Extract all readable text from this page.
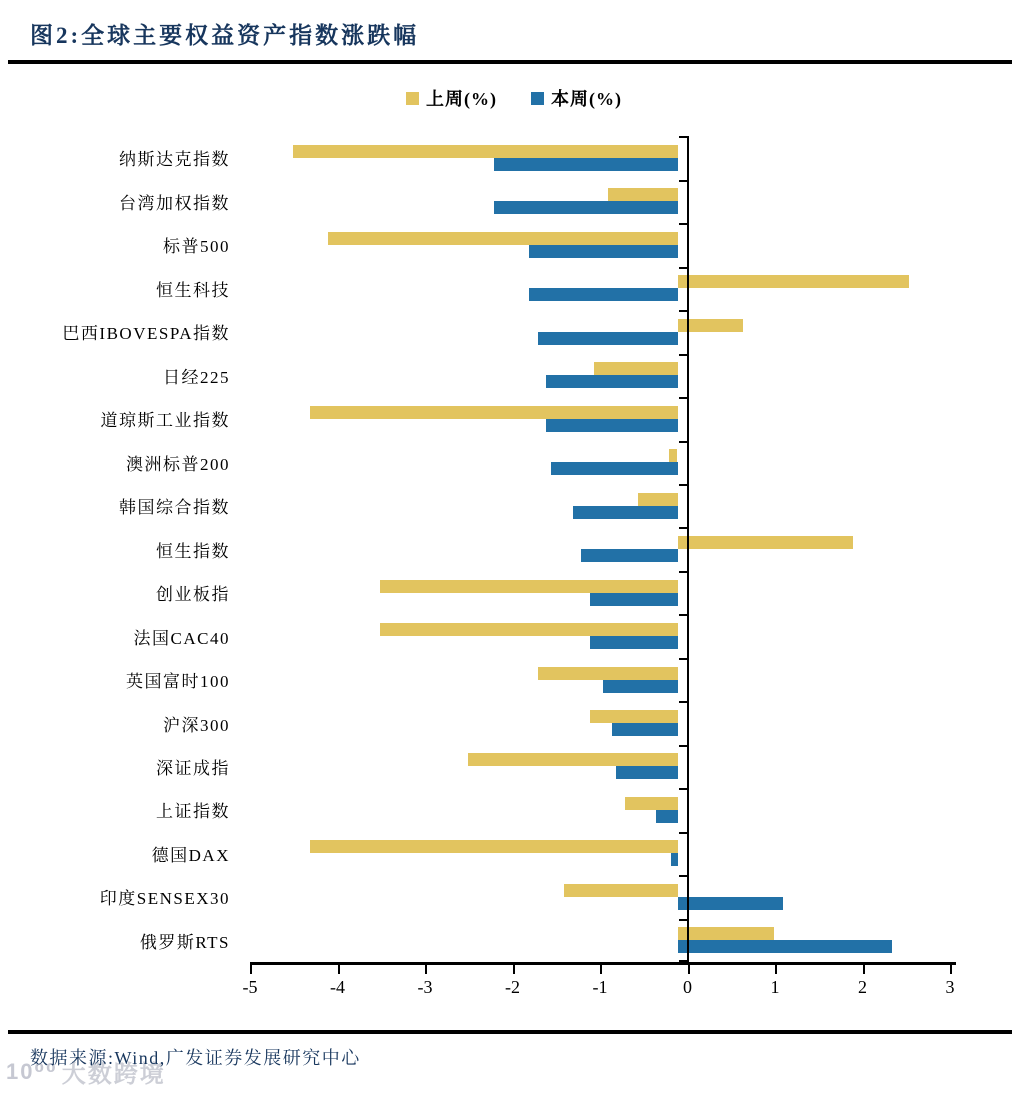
图2:全球主要权益资产指数涨跌幅
上周(%)	本周(%)
纳斯达克指数
台湾加权指数
标普500
恒生科技
巴西IBOVESPA指数
日经225
道琼斯工业指数
澳洲标普200
韩国综合指数
恒生指数
创业板指
法国CAC40
英国富时100
沪深300
深证成指
上证指数
德国DAX
印度SENSEX30
俄罗斯RTS
-5	-4	-3	-2	-1	0	1	2	3
10⁰⁰ 大数跨境
数据来源:Wind,广发证券发展研究中心
